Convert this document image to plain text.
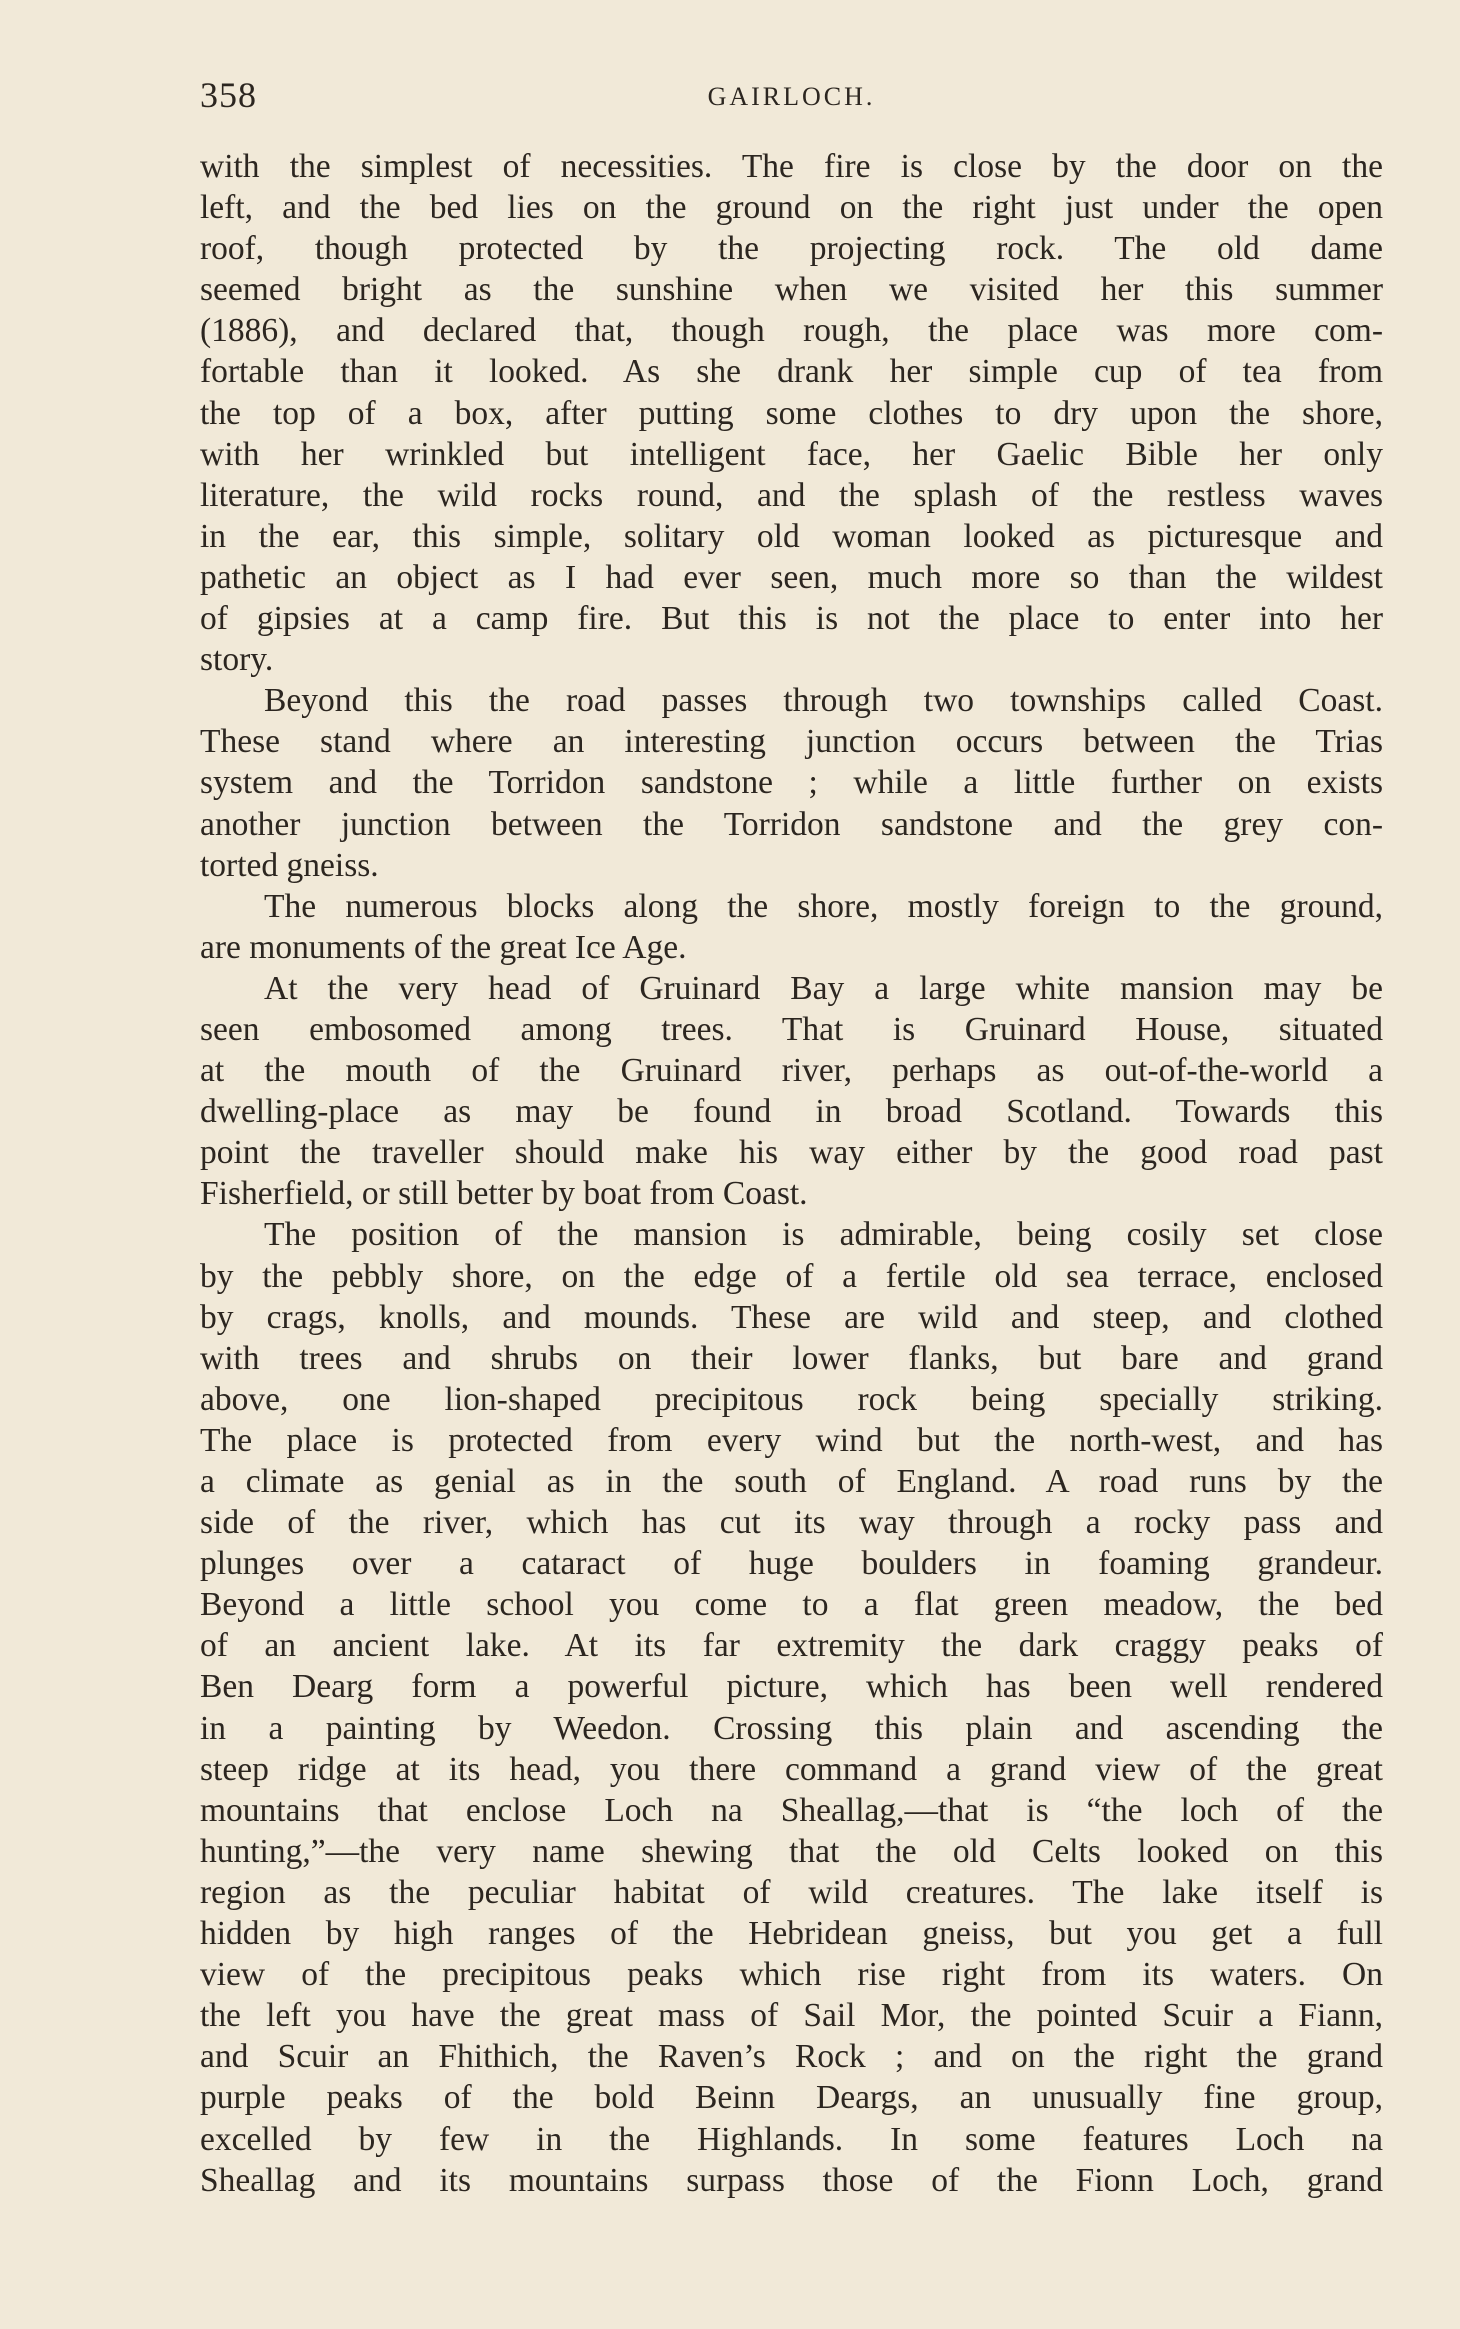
358	GAIRLOCH.
with the simplest of necessities. The fire is close by the door on the
left, and the bed lies on the ground on the right just under the open
roof, though protected by the projecting rock. The old dame
seemed bright as the sunshine when we visited her this summer
(1886), and declared that, though rough, the place was more com-
fortable than it looked. As she drank her simple cup of tea from
the top of a box, after putting some clothes to dry upon the shore,
with her wrinkled but intelligent face, her Gaelic Bible her only
literature, the wild rocks round, and the splash of the restless waves
in the ear, this simple, solitary old woman looked as picturesque and
pathetic an object as I had ever seen, much more so than the wildest
of gipsies at a camp fire. But this is not the place to enter into her
story.
Beyond this the road passes through two townships called Coast.
These stand where an interesting junction occurs between the Trias
system and the Torridon sandstone ; while a little further on exists
another junction between the Torridon sandstone and the grey con-
torted gneiss.
The numerous blocks along the shore, mostly foreign to the ground,
are monuments of the great Ice Age.
At the very head of Gruinard Bay a large white mansion may be
seen embosomed among trees. That is Gruinard House, situated
at the mouth of the Gruinard river, perhaps as out-of-the-world a
dwelling-place as may be found in broad Scotland. Towards this
point the traveller should make his way either by the good road past
Fisherfield, or still better by boat from Coast.
The position of the mansion is admirable, being cosily set close
by the pebbly shore, on the edge of a fertile old sea terrace, enclosed
by crags, knolls, and mounds. These are wild and steep, and clothed
with trees and shrubs on their lower flanks, but bare and grand
above, one lion-shaped precipitous rock being specially striking.
The place is protected from every wind but the north-west, and has
a climate as genial as in the south of England. A road runs by the
side of the river, which has cut its way through a rocky pass and
plunges over a cataract of huge boulders in foaming grandeur.
Beyond a little school you come to a flat green meadow, the bed
of an ancient lake. At its far extremity the dark craggy peaks of
Ben Dearg form a powerful picture, which has been well rendered
in a painting by Weedon. Crossing this plain and ascending the
steep ridge at its head, you there command a grand view of the great
mountains that enclose Loch na Sheallag,—that is “the loch of the
hunting,”—the very name shewing that the old Celts looked on this
region as the peculiar habitat of wild creatures. The lake itself is
hidden by high ranges of the Hebridean gneiss, but you get a full
view of the precipitous peaks which rise right from its waters. On
the left you have the great mass of Sail Mor, the pointed Scuir a Fiann,
and Scuir an Fhithich, the Raven’s Rock ; and on the right the grand
purple peaks of the bold Beinn Deargs, an unusually fine group,
excelled by few in the Highlands. In some features Loch na
Sheallag and its mountains surpass those of the Fionn Loch, grand
